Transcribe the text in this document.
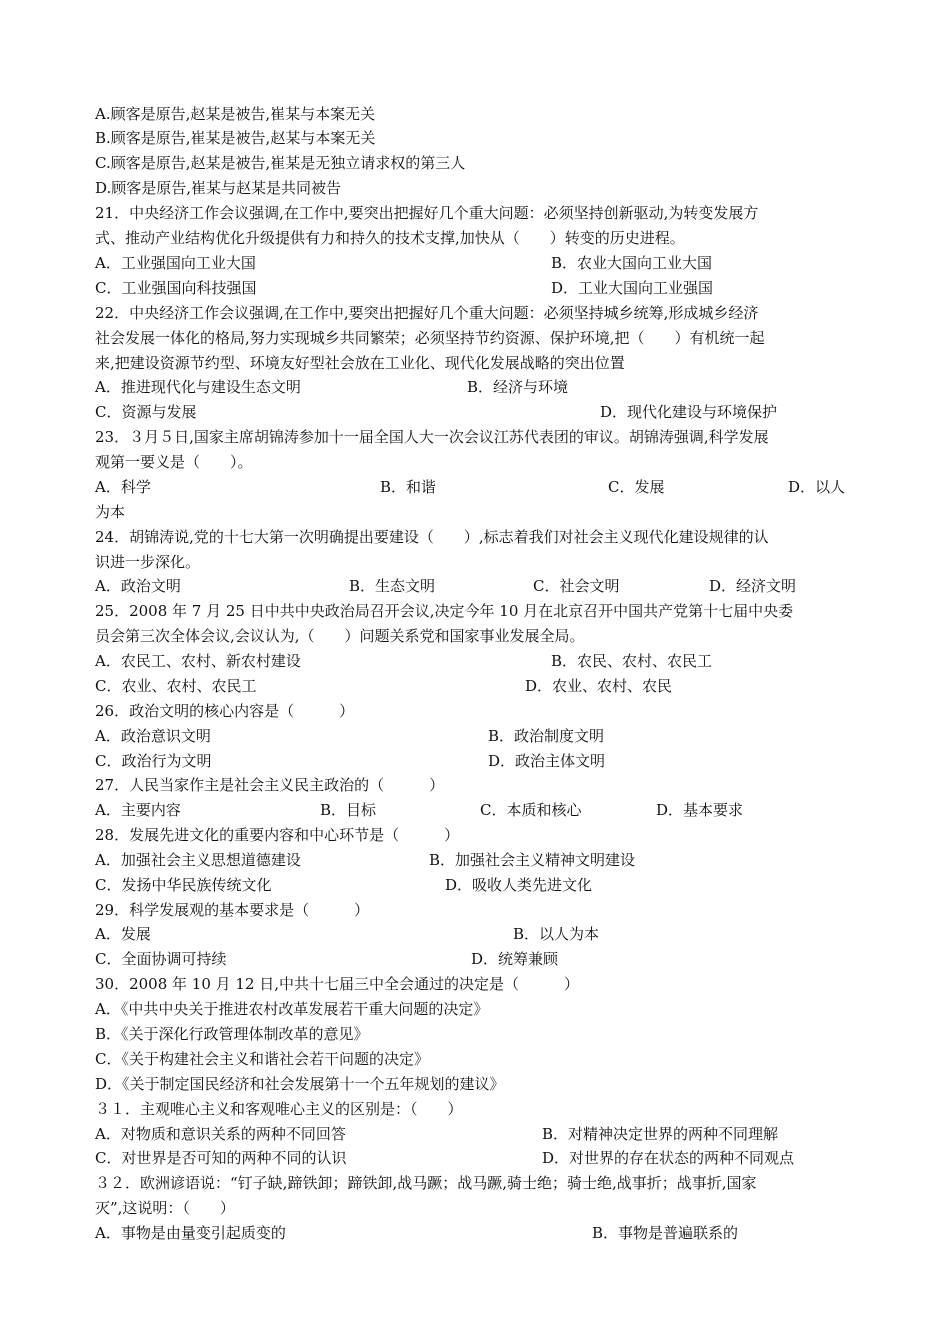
A.顾客是原告,赵某是被告,崔某与本案无关
B.顾客是原告,崔某是被告,赵某与本案无关
C.顾客是原告,赵某是被告,崔某是无独立请求权的第三人
D.顾客是原告,崔某与赵某是共同被告
21．中央经济工作会议强调,在工作中,要突出把握好几个重大问题：必须坚持创新驱动,为转变发展方
式、推动产业结构优化升级提供有力和持久的技术支撑,加快从（　　）转变的历史进程。
A．工业强国向工业大国	B．农业大国向工业大国
C．工业强国向科技强国	D．工业大国向工业强国
22．中央经济工作会议强调,在工作中,要突出把握好几个重大问题：必须坚持城乡统筹,形成城乡经济
社会发展一体化的格局,努力实现城乡共同繁荣；必须坚持节约资源、保护环境,把（　　）有机统一起
来,把建设资源节约型、环境友好型社会放在工业化、现代化发展战略的突出位置
A．推进现代化与建设生态文明	B．经济与环境
C．资源与发展	D．现代化建设与环境保护
23．３月５日,国家主席胡锦涛参加十一届全国人大一次会议江苏代表团的审议。胡锦涛强调,科学发展
观第一要义是（　　）。
A．科学	B．和谐	C．发展	D．以人
为本
24．胡锦涛说,党的十七大第一次明确提出要建设（　　）,标志着我们对社会主义现代化建设规律的认
识进一步深化。
A．政治文明	B．生态文明	C．社会文明	D．经济文明
25．2008 年 7 月 25 日中共中央政治局召开会议,决定今年 10 月在北京召开中国共产党第十七届中央委
员会第三次全体会议,会议认为,（　　）问题关系党和国家事业发展全局。
A．农民工、农村、新农村建设	B．农民、农村、农民工
C．农业、农村、农民工	D．农业、农村、农民
26．政治文明的核心内容是（　　　）
A．政治意识文明	B．政治制度文明
C．政治行为文明	D．政治主体文明
27．人民当家作主是社会主义民主政治的（　　　）
A．主要内容	B．目标	C．本质和核心	D．基本要求
28．发展先进文化的重要内容和中心环节是（　　　）
A．加强社会主义思想道德建设	B．加强社会主义精神文明建设
C．发扬中华民族传统文化	D．吸收人类先进文化
29．科学发展观的基本要求是（　　　）
A．发展	B．以人为本
C．全面协调可持续	D．统筹兼顾
30．2008 年 10 月 12 日,中共十七届三中全会通过的决定是（　　　）
A．《中共中央关于推进农村改革发展若干重大问题的决定》
B．《关于深化行政管理体制改革的意见》
C．《关于构建社会主义和谐社会若干问题的决定》
D．《关于制定国民经济和社会发展第十一个五年规划的建议》
３１．主观唯心主义和客观唯心主义的区别是：（　　）
A．对物质和意识关系的两种不同回答	B．对精神决定世界的两种不同理解
C．对世界是否可知的两种不同的认识	D．对世界的存在状态的两种不同观点
３２．欧洲谚语说：“钉子缺,蹄铁卸；蹄铁卸,战马蹶；战马蹶,骑士绝；骑士绝,战事折；战事折,国家
灭”,这说明：（　　）
A．事物是由量变引起质变的	B．事物是普遍联系的
